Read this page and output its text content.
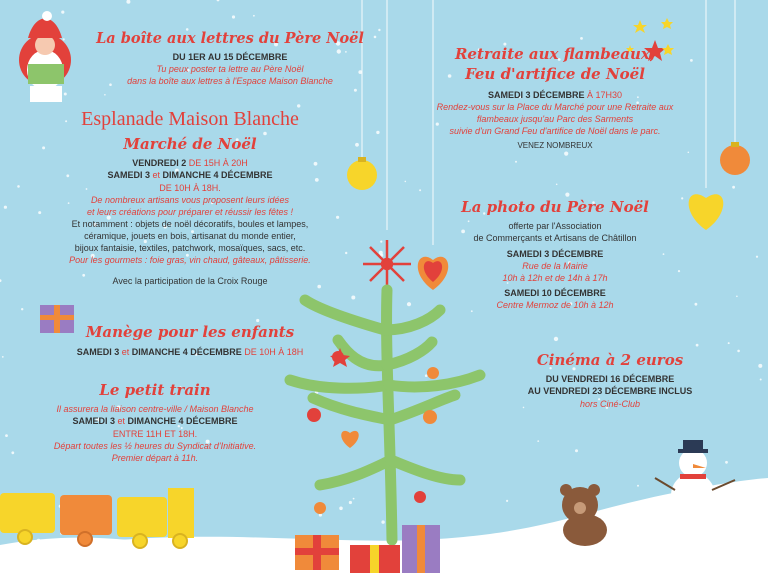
La boîte aux lettres du Père Noël
DU 1ER AU 15 DÉCEMBRE
Tu peux poster ta lettre au Père Noël
dans la boîte aux lettres à l'Espace Maison Blanche
Esplanade Maison Blanche
Marché de Noël
VENDREDI 2 DE 15H À 20H
SAMEDI 3 et DIMANCHE 4 DÉCEMBRE
DE 10H À 18H.
De nombreux artisans vous proposent leurs idées
et leurs créations pour préparer et réussir les fêtes !
Et notamment : objets de noël décoratifs, boules et lampes,
céramique, jouets en bois, artisanat du monde entier,
bijoux fantaisie, textiles, patchwork, mosaïques, sacs, etc.
Pour les gourmets : foie gras, vin chaud, gâteaux, pâtisserie.
Avec la participation de la Croix Rouge
Manège pour les enfants
SAMEDI 3 et DIMANCHE 4 DÉCEMBRE DE 10H À 18H
Le petit train
Il assurera la liaison centre-ville / Maison Blanche
SAMEDI 3 et DIMANCHE 4 DÉCEMBRE
ENTRE 11H ET 18H.
Départ toutes les ½ heures du Syndicat d'Initiative.
Premier départ à 11h.
Retraite aux flambeaux,
Feu d'artifice de Noël
SAMEDI 3 DÉCEMBRE À 17H30
Rendez-vous sur la Place du Marché pour une Retraite aux
flambeaux jusqu'au Parc des Sarments
suivie d'un Grand Feu d'artifice de Noël dans le parc.
VENEZ NOMBREUX
La photo du Père Noël
offerte par l'Association
de Commerçants et Artisans de Châtillon
SAMEDI 3 DÉCEMBRE
Rue de la Mairie
10h à 12h et de 14h à 17h
SAMEDI 10 DÉCEMBRE
Centre Mermoz de 10h à 12h
Cinéma à 2 euros
DU VENDREDI 16 DÉCEMBRE
AU VENDREDI 23 DÉCEMBRE INCLUS
hors Ciné-Club
